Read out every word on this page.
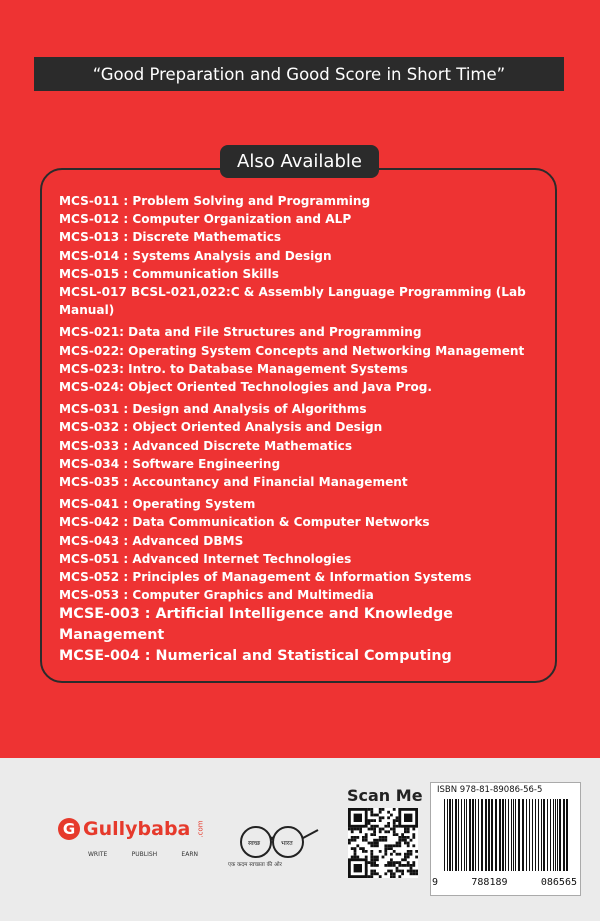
“Good Preparation and Good Score in Short Time”
Also Available
MCS-011 : Problem Solving and Programming
MCS-012 : Computer Organization and ALP
MCS-013 : Discrete Mathematics
MCS-014 : Systems Analysis and Design
MCS-015 : Communication Skills
MCSL-017 BCSL-021,022:C & Assembly Language Programming (Lab Manual)
MCS-021: Data and File Structures and Programming
MCS-022: Operating System Concepts and Networking Management
MCS-023: Intro. to Database Management Systems
MCS-024: Object Oriented Technologies and Java Prog.
MCS-031 : Design and Analysis of Algorithms
MCS-032 : Object Oriented Analysis and Design
MCS-033 : Advanced Discrete Mathematics
MCS-034 : Software Engineering
MCS-035 : Accountancy and Financial Management
MCS-041 : Operating System
MCS-042 : Data Communication & Computer Networks
MCS-043 : Advanced DBMS
MCS-051 : Advanced Internet Technologies
MCS-052 : Principles of Management & Information Systems
MCS-053 : Computer Graphics and Multimedia
MCSE-003 : Artificial Intelligence and Knowledge Management
MCSE-004 : Numerical and Statistical Computing
G Gullybaba .com
WRITE	PUBLISH	EARN
स्वच्छ	भारत
एक कदम स्वच्छता की ओर
Scan Me ISBN 978-81-89086-56-5
9	788189	086565
